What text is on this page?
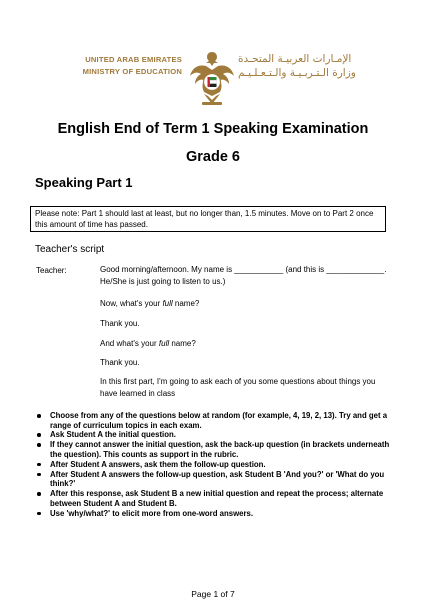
UNITED ARAB EMIRATES
MINISTRY OF EDUCATION
الإمـارات العربيـة المتحـدة
وزارة الـتـربـيـة والـتـعـلـيـم
English End of Term 1 Speaking Examination
Grade 6
Speaking Part 1
Please note: Part 1 should last at least, but no longer than, 1.5 minutes. Move on to Part 2 once this amount of time has passed.
Teacher's script
Teacher:	Good morning/afternoon. My name is ___________ (and this is _____________. He/She is just going to listen to us.)
Now, what's your full name?
Thank you.
And what's your full name?
Thank you.
In this first part, I'm going to ask each of you some questions about things you have learned in class
Choose from any of the questions below at random (for example, 4, 19, 2, 13). Try and get a range of curriculum topics in each exam.
Ask Student A the initial question.
If they cannot answer the initial question, ask the back-up question (in brackets underneath the question). This counts as support in the rubric.
After Student A answers, ask them the follow-up question.
After Student A answers the follow-up question, ask Student B 'And you?' or 'What do you think?'
After this response, ask Student B a new initial question and repeat the process; alternate between Student A and Student B.
Use 'why/what?' to elicit more from one-word answers.
Page 1 of 7
